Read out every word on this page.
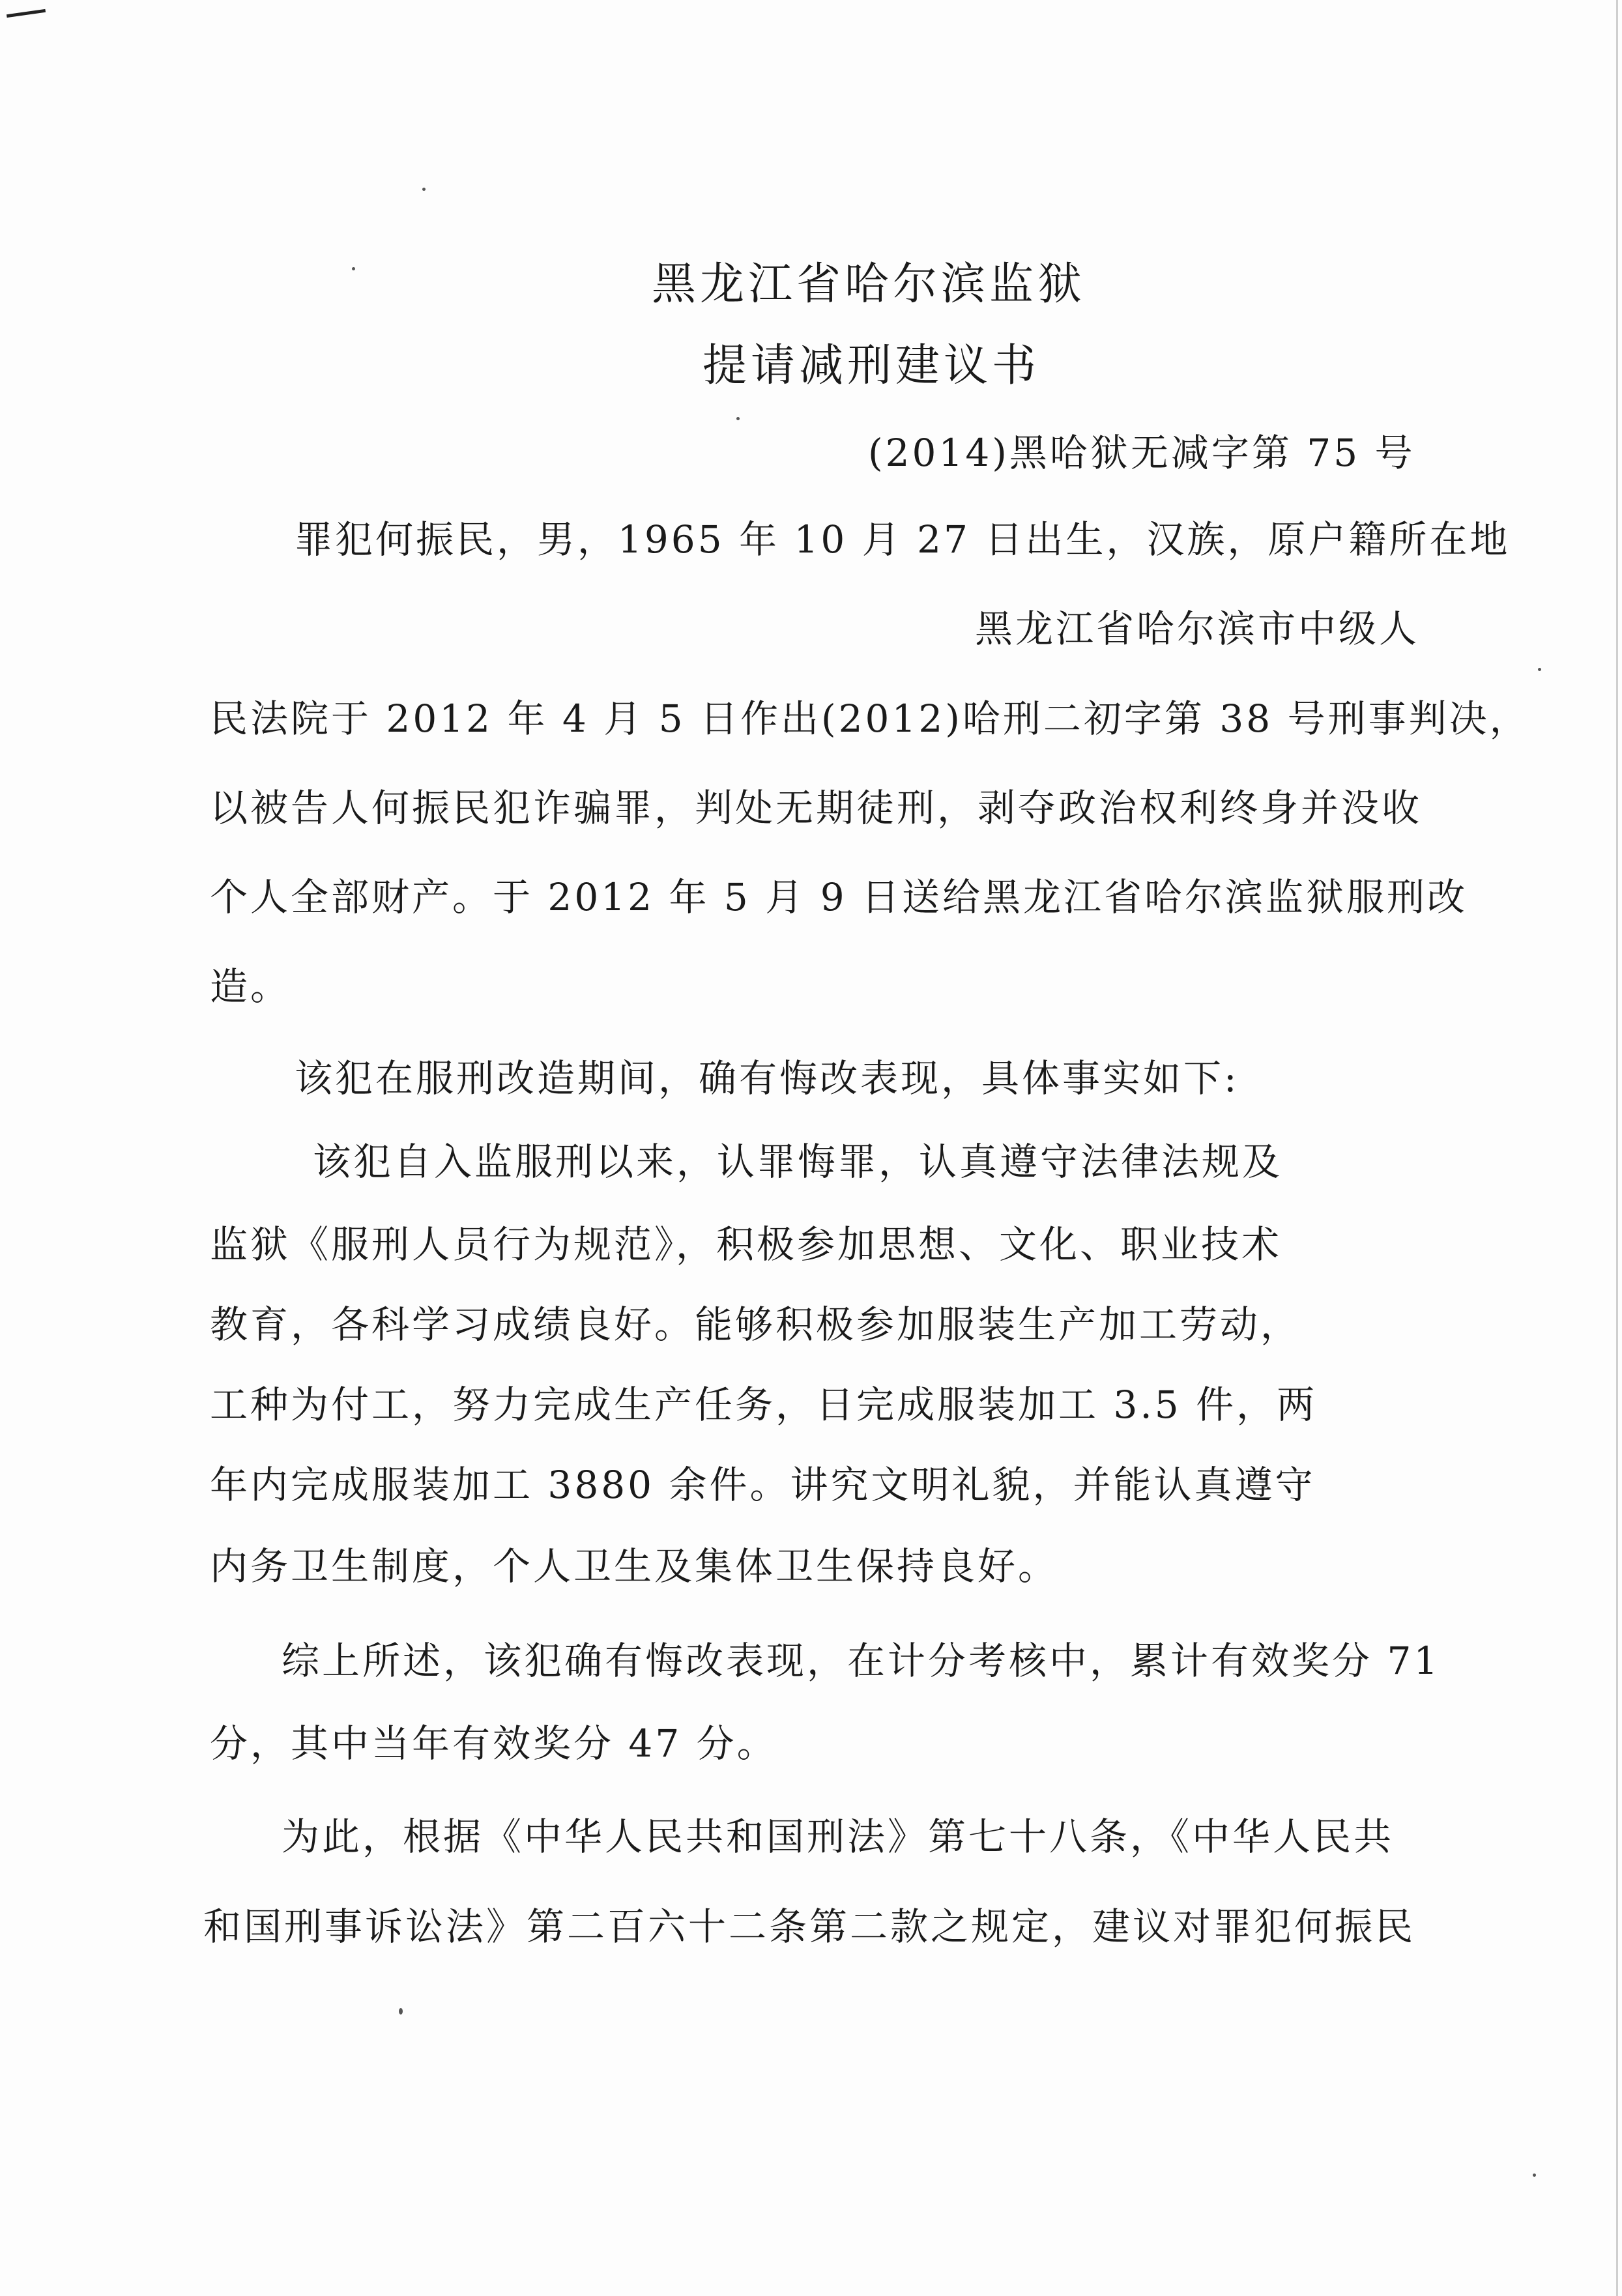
黑龙江省哈尔滨监狱
提请减刑建议书
(2014)黑哈狱无减字第 75 号
罪犯何振民，男，1965 年 10 月 27 日出生，汉族，原户籍所在地
黑龙江省哈尔滨市中级人
民法院于 2012 年 4 月 5 日作出(2012)哈刑二初字第 38 号刑事判决，
以被告人何振民犯诈骗罪，判处无期徒刑，剥夺政治权利终身并没收
个人全部财产。于 2012 年 5 月 9 日送给黑龙江省哈尔滨监狱服刑改
造。
该犯在服刑改造期间，确有悔改表现，具体事实如下:
该犯自入监服刑以来，认罪悔罪，认真遵守法律法规及
监狱《服刑人员行为规范》，积极参加思想、文化、职业技术
教育，各科学习成绩良好。能够积极参加服装生产加工劳动，
工种为付工，努力完成生产任务，日完成服装加工 3.5 件，两
年内完成服装加工 3880 余件。讲究文明礼貌，并能认真遵守
内务卫生制度，个人卫生及集体卫生保持良好。
综上所述，该犯确有悔改表现，在计分考核中，累计有效奖分 71
分，其中当年有效奖分 47 分。
为此，根据《中华人民共和国刑法》第七十八条，《中华人民共
和国刑事诉讼法》第二百六十二条第二款之规定，建议对罪犯何振民
